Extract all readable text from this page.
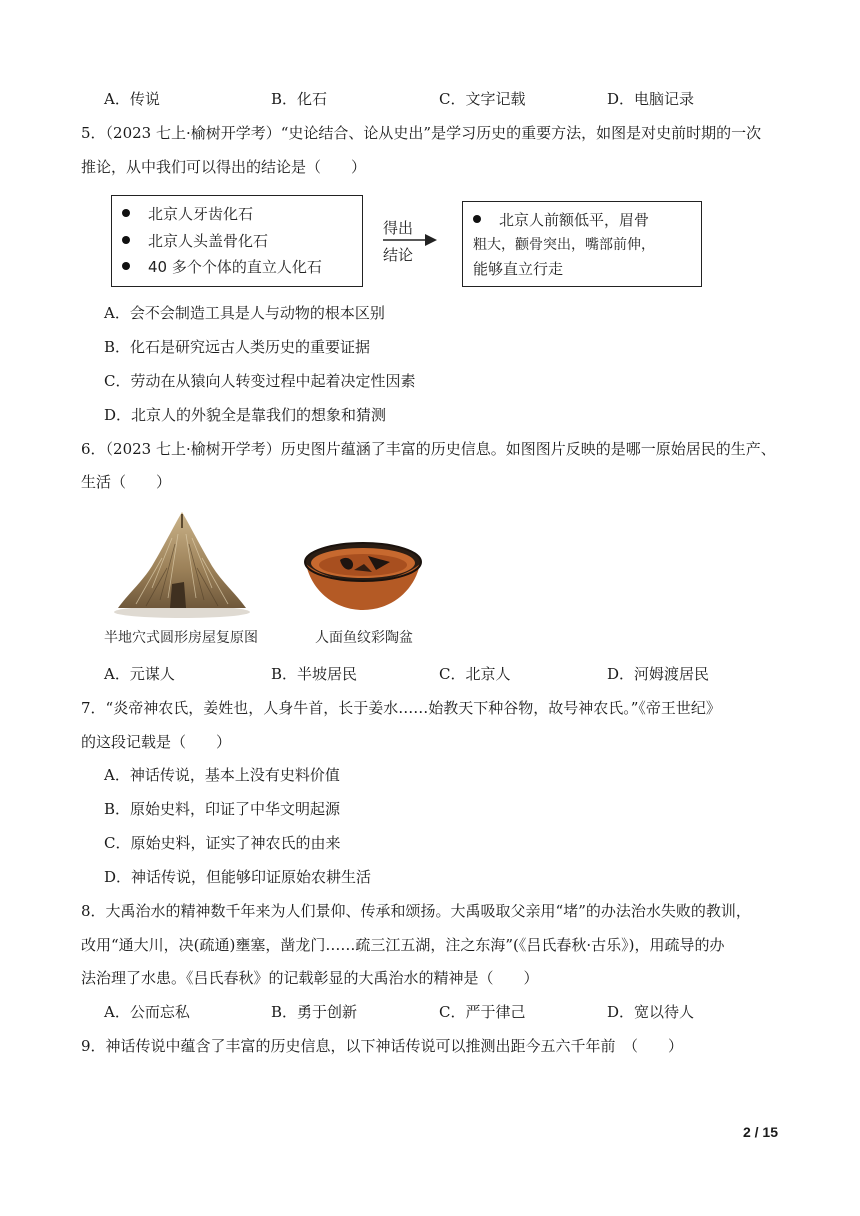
A．传说	B．化石	C．文字记载	D．电脑记录
5．（2023 七上·榆树开学考）“史论结合、论从史出”是学习历史的重要方法，如图是对史前时期的一次
推论，从中我们可以得出的结论是（　　）
北京人牙齿化石
北京人头盖骨化石
40 多个个体的直立人化石
得出
结论
北京人前额低平，眉骨
粗大，颧骨突出，嘴部前伸，
能够直立行走
A．会不会制造工具是人与动物的根本区别
B．化石是研究远古人类历史的重要证据
C．劳动在从猿向人转变过程中起着决定性因素
D．北京人的外貌全是靠我们的想象和猜测
6．（2023 七上·榆树开学考）历史图片蕴涵了丰富的历史信息。如图图片反映的是哪一原始居民的生产、
生活（　　）
半地穴式圆形房屋复原图	人面鱼纹彩陶盆
A．元谋人	B．半坡居民	C．北京人	D．河姆渡居民
7．“炎帝神农氏，姜姓也，人身牛首，长于姜水……始教天下种谷物，故号神农氏。”《帝王世纪》
的这段记载是（　　）
A．神话传说，基本上没有史料价值
B．原始史料，印证了中华文明起源
C．原始史料，证实了神农氏的由来
D．神话传说，但能够印证原始农耕生活
8．大禹治水的精神数千年来为人们景仰、传承和颂扬。大禹吸取父亲用“堵”的办法治水失败的教训，
改用“通大川，决(疏通)壅塞，凿龙门……疏三江五湖，注之东海”(《吕氏春秋·古乐》)，用疏导的办
法治理了水患。《吕氏春秋》的记载彰显的大禹治水的精神是（　　）
A．公而忘私	B．勇于创新	C．严于律己	D．宽以待人
9．神话传说中蕴含了丰富的历史信息，以下神话传说可以推测出距今五六千年前　（　　）
2 / 15
